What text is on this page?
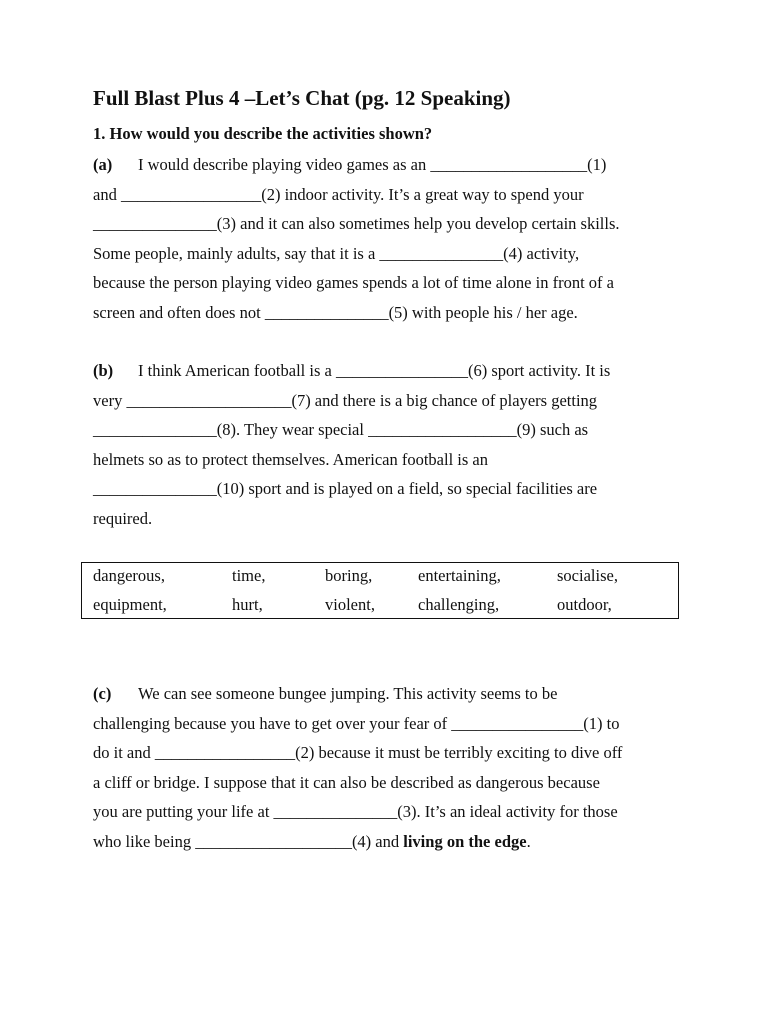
Full Blast Plus 4 –Let’s Chat (pg. 12 Speaking)
1. How would you describe the activities shown?
(a) I would describe playing video games as an ___________________(1)
and _________________(2) indoor activity. It’s a great way to spend your
_______________(3) and it can also sometimes help you develop certain skills.
Some people, mainly adults, say that it is a _______________(4) activity,
because the person playing video games spends a lot of time alone in front of a
screen and often does not _______________(5) with people his / her age.
(b) I think American football is a ________________(6) sport activity. It is
very ____________________(7) and there is a big chance of players getting
_______________(8). They wear special __________________(9) such as
helmets so as to protect themselves. American football is an
_______________(10) sport and is played on a field, so special facilities are
required.
(c) We can see someone bungee jumping. This activity seems to be
challenging because you have to get over your fear of ________________(1) to
do it and _________________(2) because it must be terribly exciting to dive off
a cliff or bridge. I suppose that it can also be described as dangerous because
you are putting your life at _______________(3). It’s an ideal activity for those
who like being ___________________(4) and living on the edge.
dangerous,	time,	boring,	entertaining,	socialise,
equipment,	hurt,	violent,	challenging,	outdoor,
